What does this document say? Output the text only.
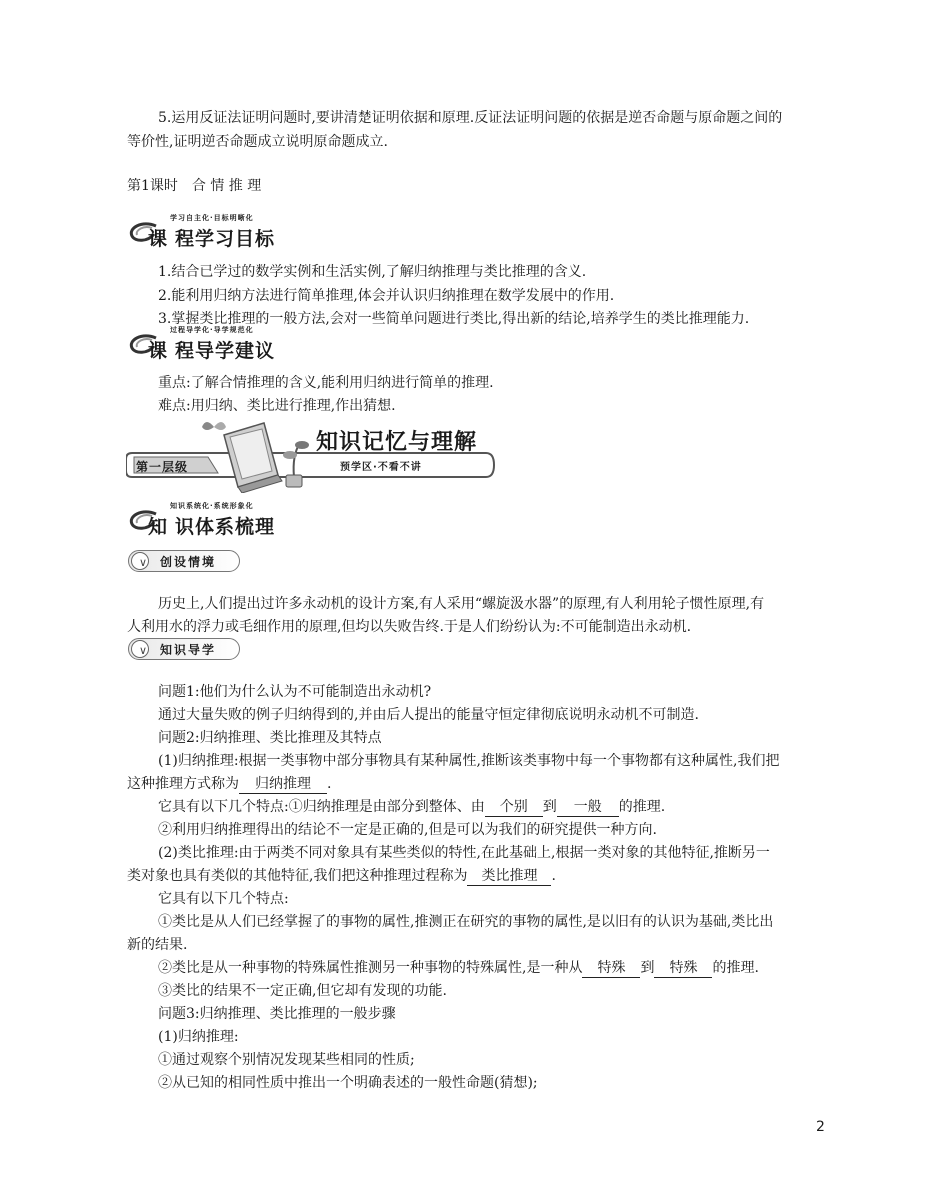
5.运用反证法证明问题时,要讲清楚证明依据和原理.反证法证明问题的依据是逆否命题与原命题之间的
等价性,证明逆否命题成立说明原命题成立.
第1课时　合 情 推 理
学习自主化·目标明晰化
课 程学习目标
1.结合已学过的数学实例和生活实例,了解归纳推理与类比推理的含义.
2.能利用归纳方法进行简单推理,体会并认识归纳推理在数学发展中的作用.
3.掌握类比推理的一般方法,会对一些简单问题进行类比,得出新的结论,培养学生的类比推理能力.
过程导学化·导学规范化
课 程导学建议
重点:了解合情推理的含义,能利用归纳进行简单的推理.
难点:用归纳、类比进行推理,作出猜想.
第一层级
知识记忆与理解
预学区·不看不讲
知识系统化·系统形象化
知 识体系梳理
∨ 创设情境
历史上,人们提出过许多永动机的设计方案,有人采用“螺旋汲水器”的原理,有人利用轮子惯性原理,有
人利用水的浮力或毛细作用的原理,但均以失败告终.于是人们纷纷认为:不可能制造出永动机.
∨ 知识导学
问题1:他们为什么认为不可能制造出永动机?
通过大量失败的例子归纳得到的,并由后人提出的能量守恒定律彻底说明永动机不可制造.
问题2:归纳推理、类比推理及其特点
(1)归纳推理:根据一类事物中部分事物具有某种属性,推断该类事物中每一个事物都有这种属性,我们把
这种推理方式称为 归纳推理 .
它具有以下几个特点:①归纳推理是由部分到整体、由 个别 到 一般 的推理.
②利用归纳推理得出的结论不一定是正确的,但是可以为我们的研究提供一种方向.
(2)类比推理:由于两类不同对象具有某些类似的特性,在此基础上,根据一类对象的其他特征,推断另一
类对象也具有类似的其他特征,我们把这种推理过程称为 类比推理 .
它具有以下几个特点:
①类比是从人们已经掌握了的事物的属性,推测正在研究的事物的属性,是以旧有的认识为基础,类比出
新的结果.
②类比是从一种事物的特殊属性推测另一种事物的特殊属性,是一种从 特殊 到 特殊 的推理.
③类比的结果不一定正确,但它却有发现的功能.
问题3:归纳推理、类比推理的一般步骤
(1)归纳推理:
①通过观察个别情况发现某些相同的性质;
②从已知的相同性质中推出一个明确表述的一般性命题(猜想);
2
